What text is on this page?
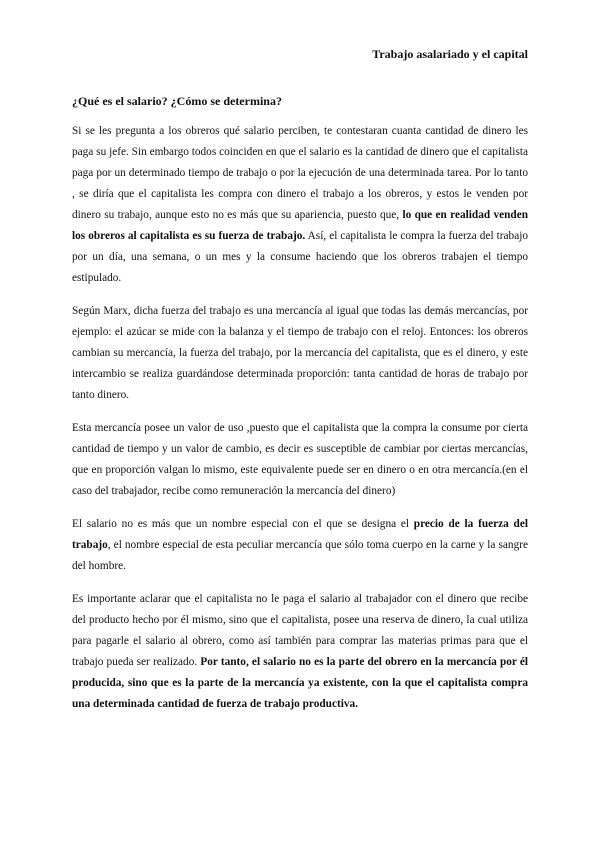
Trabajo asalariado y el capital
¿Qué es el salario? ¿Cómo se determina?

Si se les pregunta a los obreros qué salario perciben, te contestaran cuanta cantidad de dinero les paga su jefe. Sin embargo todos coinciden en que el salario es la cantidad de dinero que el capitalista paga por un determinado tiempo de trabajo o por la ejecución de una determinada tarea. Por lo tanto , se diría que el capitalista les compra con dinero el trabajo a los obreros, y estos le venden por dinero su trabajo, aunque esto no es más que su apariencia, puesto que, lo que en realidad venden los obreros al capitalista es su fuerza de trabajo. Así, el capitalista le compra la fuerza del trabajo por un día, una semana, o un mes y la consume haciendo que los obreros trabajen el tiempo estipulado.

Según Marx, dicha fuerza del trabajo es una mercancía al igual que todas las demás mercancías, por ejemplo: el azúcar se mide con la balanza y el tiempo de trabajo con el reloj. Entonces: los obreros cambian su mercancía, la fuerza del trabajo, por la mercancía del capitalista, que es el dinero, y este intercambio se realiza guardándose determinada proporción: tanta cantidad de horas de trabajo por tanto dinero.

Esta mercancía posee un valor de uso ,puesto que el capitalista que la compra la consume por cierta cantidad de tiempo y un valor de cambio, es decir es susceptible de cambiar por ciertas mercancías, que en proporción valgan lo mismo, este equivalente puede ser en dinero o en otra mercancía.(en el caso del trabajador, recibe como remuneración la mercancía del dinero)

El salario no es más que un nombre especial con el que se designa el precio de la fuerza del trabajo, el nombre especial de esta peculiar mercancía que sólo toma cuerpo en la carne y la sangre del hombre.

Es importante aclarar que el capitalista no le paga el salario al trabajador con el dinero que recibe del producto hecho por él mismo, sino que el capitalista, posee una reserva de dinero, la cual utiliza para pagarle el salario al obrero, como así también para comprar las materias primas para que el trabajo pueda ser realizado. Por tanto, el salario no es la parte del obrero en la mercancía por él producida, sino que es la parte de la mercancía ya existente, con la que el capitalista compra una determinada cantidad de fuerza de trabajo productiva.
